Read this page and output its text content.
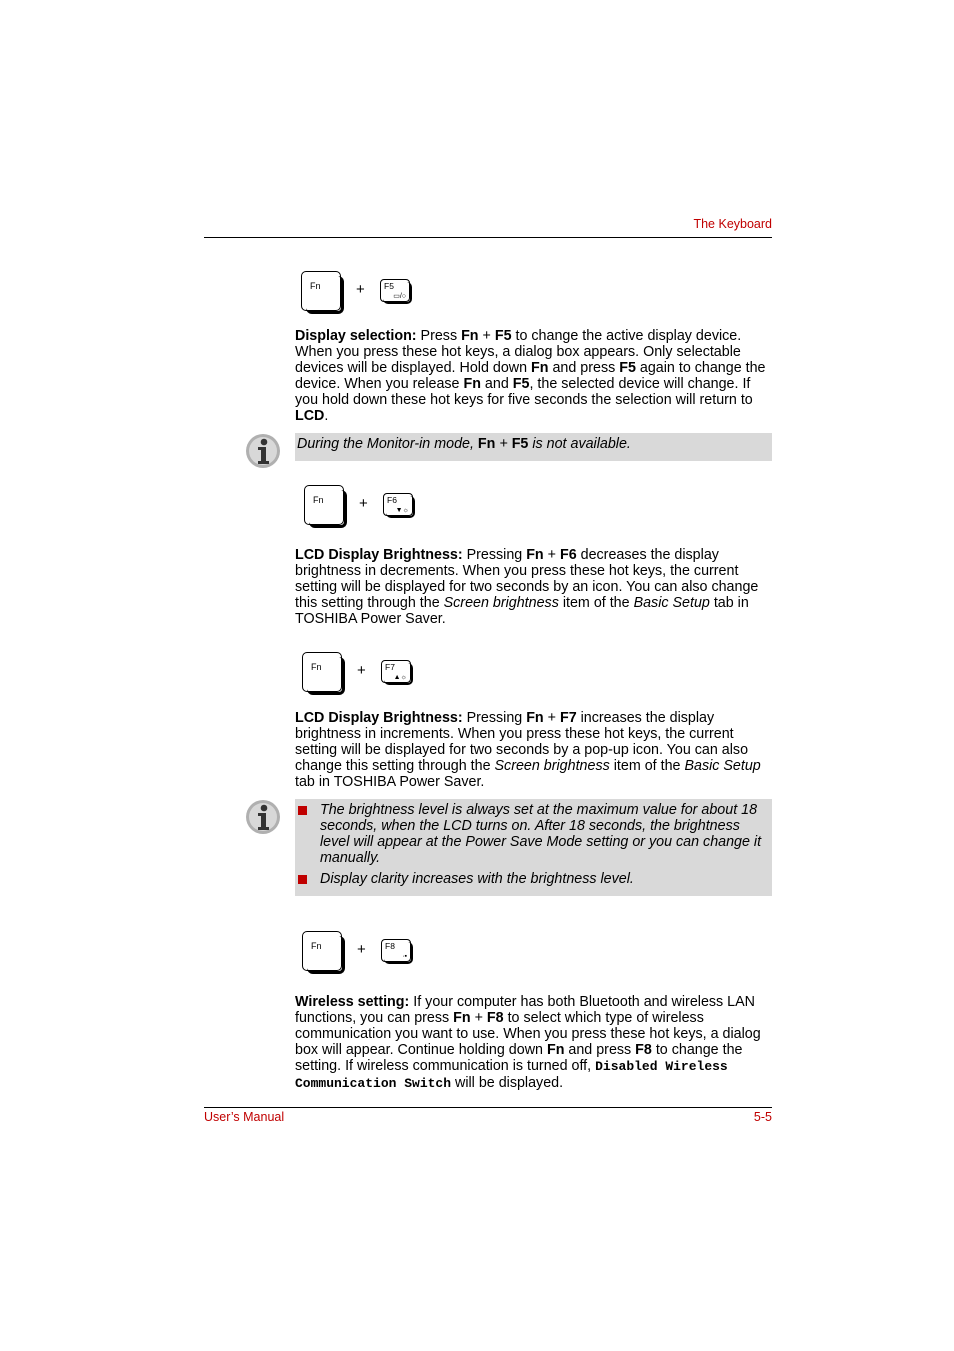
The Keyboard
Fn + F5
▭/○
Display selection: Press Fn + F5 to change the active display device. When you press these hot keys, a dialog box appears. Only selectable devices will be displayed. Hold down Fn and press F5 again to change the device. When you release Fn and F5, the selected device will change. If you hold down these hot keys for five seconds the selection will return to LCD.
During the Monitor-in mode, Fn + F5 is not available.
Fn + F6
▼☼
LCD Display Brightness: Pressing Fn + F6 decreases the display brightness in decrements. When you press these hot keys, the current setting will be displayed for two seconds by an icon. You can also change this setting through the Screen brightness item of the Basic Setup tab in TOSHIBA Power Saver.
Fn + F7
▲☼
LCD Display Brightness: Pressing Fn + F7 increases the display brightness in increments. When you press these hot keys, the current setting will be displayed for two seconds by a pop-up icon. You can also change this setting through the Screen brightness item of the Basic Setup tab in TOSHIBA Power Saver.
The brightness level is always set at the maximum value for about 18 seconds, when the LCD turns on. After 18 seconds, the brightness level will appear at the Power Save Mode setting or you can change it manually.
Display clarity increases with the brightness level.
Fn + F8
·▪
Wireless setting: If your computer has both Bluetooth and wireless LAN functions, you can press Fn + F8 to select which type of wireless communication you want to use. When you press these hot keys, a dialog box will appear. Continue holding down Fn and press F8 to change the setting. If wireless communication is turned off, Disabled Wireless Communication Switch will be displayed.
User’s Manual	5-5
